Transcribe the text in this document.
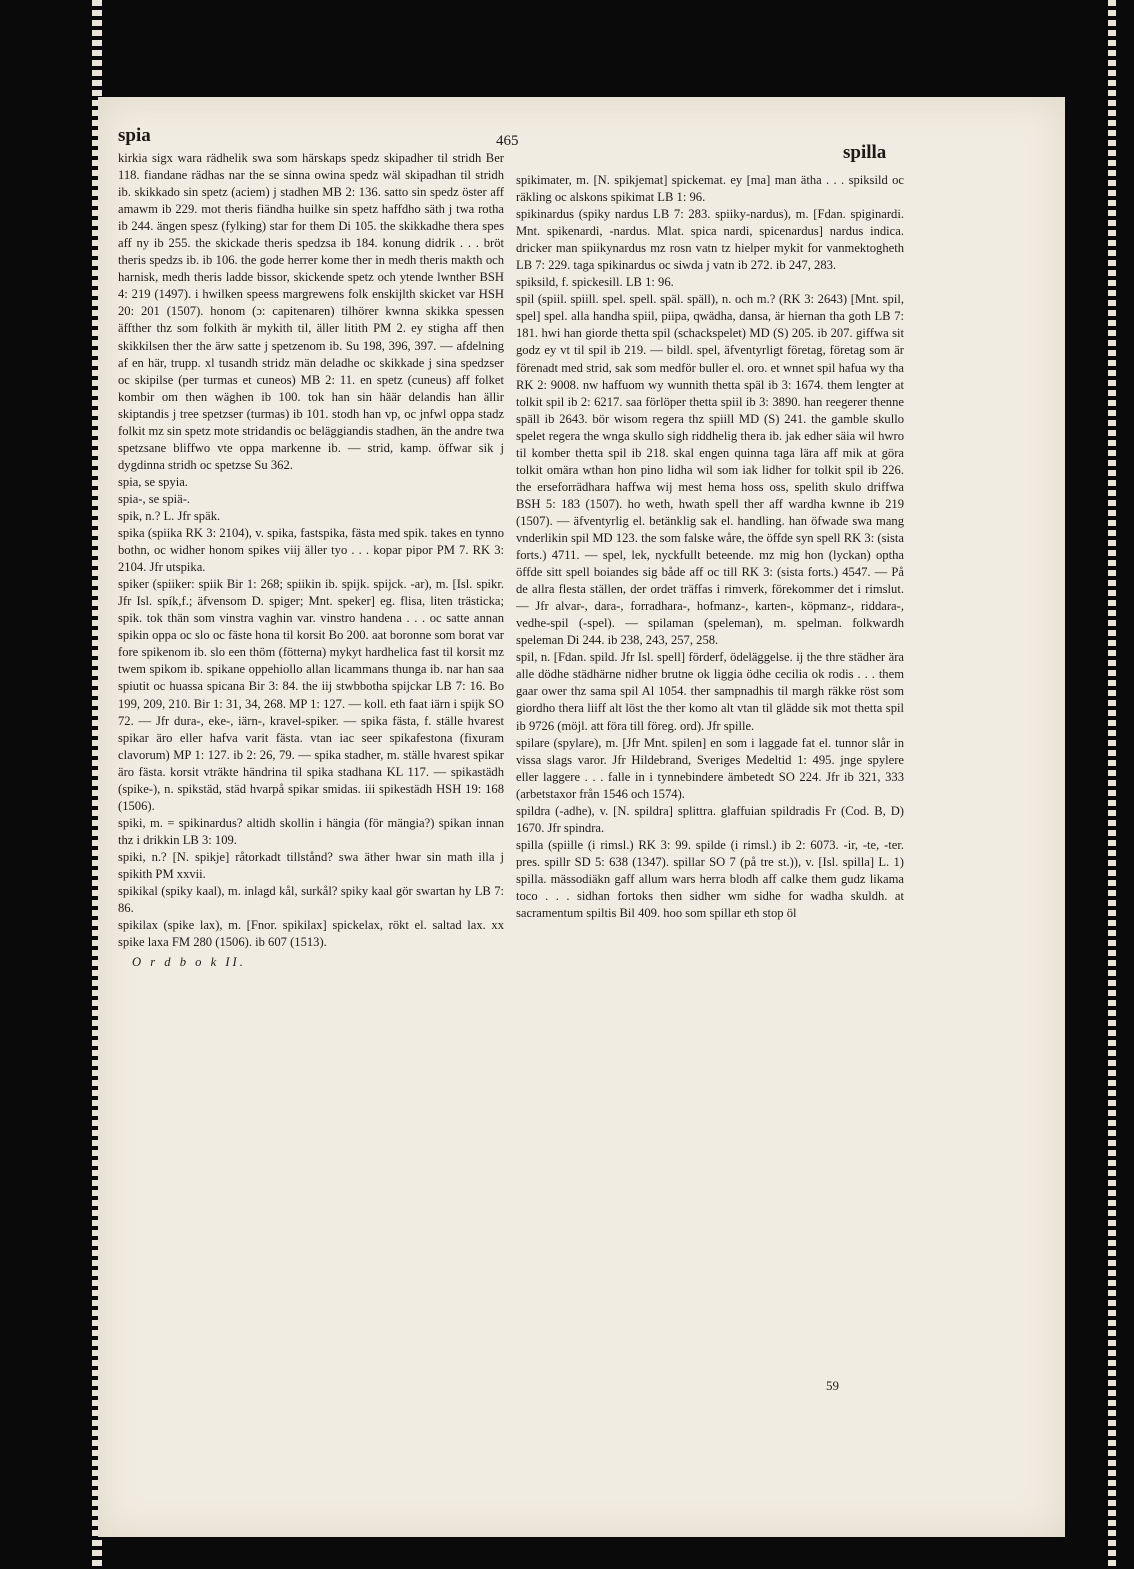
spia	465
spilla

kirkia sigx wara rädhelik swa som härskaps spedz skipadher til stridh Ber 118. fiandane rädhas nar the se sinna owina spedz wäl skipadhan til stridh ib. skikkado sin spetz (aciem) j stadhen MB 2: 136. satto sin spedz öster aff amawm ib 229. mot theris fiändha huilke sin spetz haffdho säth j twa rotha ib 244. ängen spesz (fylking) star for them Di 105. the skikkadhe thera spes aff ny ib 255. the skickade theris spedzsa ib 184. konung didrik . . . bröt theris spedzs ib. ib 106. the gode herrer kome ther in medh theris makth och harnisk, medh theris ladde bissor, skickende spetz och ytende lwnther BSH 4: 219 (1497). i hwilken speess margrewens folk enskijlth skicket var HSH 20: 201 (1507). honom (ɔ: capitenaren) tilhörer kwnna skikka spessen äffther thz som folkith är mykith til, äller litith PM 2. ey stigha aff then skikkilsen ther the ärw satte j spetzenom ib. Su 198, 396, 397. — afdelning af en här, trupp. xl tusandh stridz män deladhe oc skikkade j sina spedzser oc skipilse (per turmas et cuneos) MB 2: 11. en spetz (cuneus) aff folket kombir om then wäghen ib 100. tok han sin häär delandis han ällir skiptandis j tree spetzser (turmas) ib 101. stodh han vp, oc jnfwl oppa stadz folkit mz sin spetz mote stridandis oc beläggiandis stadhen, än the andre twa spetzsane bliffwo vte oppa markenne ib. — strid, kamp. öffwar sik j dygdinna stridh oc spetzse Su 362.

spia, se spyia.

spia-, se spiä-.

spik, n.? L. Jfr späk.

spika (spiika RK 3: 2104), v. spika, fastspika, fästa med spik. takes en tynno bothn, oc widher honom spikes viij äller tyo . . . kopar pipor PM 7. RK 3: 2104. Jfr utspika.

spiker (spiiker: spiik Bir 1: 268; spiikin ib. spijk. spijck. -ar), m. [Isl. spikr. Jfr Isl. spík,f.; äfvensom D. spiger; Mnt. speker] eg. flisa, liten trästicka; spik. tok thän som vinstra vaghin var. vinstro handena . . . oc satte annan spikin oppa oc slo oc fäste hona til korsit Bo 200. aat boronne som borat var fore spikenom ib. slo een thöm (fötterna) mykyt hardhelica fast til korsit mz twem spikom ib. spikane oppehiollo allan licammans thunga ib. nar han saa spiutit oc huassa spicana Bir 3: 84. the iij stwbbotha spijckar LB 7: 16. Bo 199, 209, 210. Bir 1: 31, 34, 268. MP 1: 127. — koll. eth faat iärn i spijk SO 72. — Jfr dura-, eke-, iärn-, kravel-spiker. — spika fästa, f. ställe hvarest spikar äro eller hafva varit fästa. vtan iac seer spikafestona (fixuram clavorum) MP 1: 127. ib 2: 26, 79. — spika stadher, m. ställe hvarest spikar äro fästa. korsit vträkte händrina til spika stadhana KL 117. — spikastädh (spike-), n. spikstäd, städ hvarpå spikar smidas. iii spikestädh HSH 19: 168 (1506).

spiki, m. = spikinardus? altidh skollin i hängia (för mängia?) spikan innan thz i drikkin LB 3: 109.

spiki, n.? [N. spikje] råtorkadt tillstånd? swa äther hwar sin math illa j spikith PM xxvii.

spikikal (spiky kaal), m. inlagd kål, surkål? spiky kaal gör swartan hy LB 7: 86.

spikilax (spike lax), m. [Fnor. spikilax] spickelax, rökt el. saltad lax. xx spike laxa FM 280 (1506). ib 607 (1513).

O r d b o k II.

spikimater, m. [N. spikjemat] spickemat. ey [ma] man ätha . . . spiksild oc räkling oc alskons spikimat LB 1: 96.

spikinardus (spiky nardus LB 7: 283. spiiky-nardus), m. [Fdan. spiginardi. Mnt. spikenardi, -nardus. Mlat. spica nardi, spicenardus] nardus indica. dricker man spiikynardus mz rosn vatn tz hielper mykit for vanmektogheth LB 7: 229. taga spikinardus oc siwda j vatn ib 272. ib 247, 283.

spiksild, f. spickesill. LB 1: 96.

spil (spiil. spiill. spel. spell. späl. späll), n. och m.? (RK 3: 2643) [Mnt. spil, spel] spel. alla handha spiil, piipa, qwädha, dansa, är hiernan tha goth LB 7: 181. hwi han giorde thetta spil (schackspelet) MD (S) 205. ib 207. giffwa sit godz ey vt til spil ib 219. — bildl. spel, äfventyrligt företag, företag som är förenadt med strid, sak som medför buller el. oro. et wnnet spil hafua wy tha RK 2: 9008. nw haffuom wy wunnith thetta späl ib 3: 1674. them lengter at tolkit spil ib 2: 6217. saa förlöper thetta spiil ib 3: 3890. han reegerer thenne späll ib 2643. bör wisom regera thz spiill MD (S) 241. the gamble skullo spelet regera the wnga skullo sigh riddhelig thera ib. jak edher säia wil hwro til komber thetta spil ib 218. skal engen quinna taga lära aff mik at göra tolkit omära wthan hon pino lidha wil som iak lidher for tolkit spil ib 226. the erseforrädhara haffwa wij mest hema hoss oss, spelith skulo driffwa BSH 5: 183 (1507). ho weth, hwath spell ther aff wardha kwnne ib 219 (1507). — äfventyrlig el. betänklig sak el. handling. han öfwade swa mang vnderlikin spil MD 123. the som falske wåre, the öffde syn spell RK 3: (sista forts.) 4711. — spel, lek, nyckfullt beteende. mz mig hon (lyckan) optha öffde sitt spell boiandes sig både aff oc till RK 3: (sista forts.) 4547. — På de allra flesta ställen, der ordet träffas i rimverk, förekommer det i rimslut. — Jfr alvar-, dara-, forradhara-, hofmanz-, karten-, köpmanz-, riddara-, vedhe-spil (-spel). — spilaman (speleman), m. spelman. folkwardh speleman Di 244. ib 238, 243, 257, 258.

spil, n. [Fdan. spild. Jfr Isl. spell] förderf, ödeläggelse. ij the thre städher ära alle dödhe städhärne nidher brutne ok liggia ödhe cecilia ok rodis . . . them gaar ower thz sama spil Al 1054. ther sampnadhis til margh räkke röst som giordho thera liiff alt löst the ther komo alt vtan til glädde sik mot thetta spil ib 9726 (möjl. att föra till föreg. ord). Jfr spille.

spilare (spylare), m. [Jfr Mnt. spilen] en som i laggade fat el. tunnor slår in vissa slags varor. Jfr Hildebrand, Sveriges Medeltid 1: 495. jnge spylere eller laggere . . . falle in i tynnebindere ämbetedt SO 224. Jfr ib 321, 333 (arbetstaxor från 1546 och 1574).

spildra (-adhe), v. [N. spildra] splittra. glaffuian spildradis Fr (Cod. B, D) 1670. Jfr spindra.

spilla (spiille (i rimsl.) RK 3: 99. spilde (i rimsl.) ib 2: 6073. -ir, -te, -ter. pres. spillr SD 5: 638 (1347). spillar SO 7 (på tre st.)), v. [Isl. spilla] L. 1) spilla. mässodiäkn gaff allum wars herra blodh aff calke them gudz likama toco . . . sidhan fortoks then sidher wm sidhe for wadha skuldh. at sacramentum spiltis Bil 409. hoo som spillar eth stop öl

59
